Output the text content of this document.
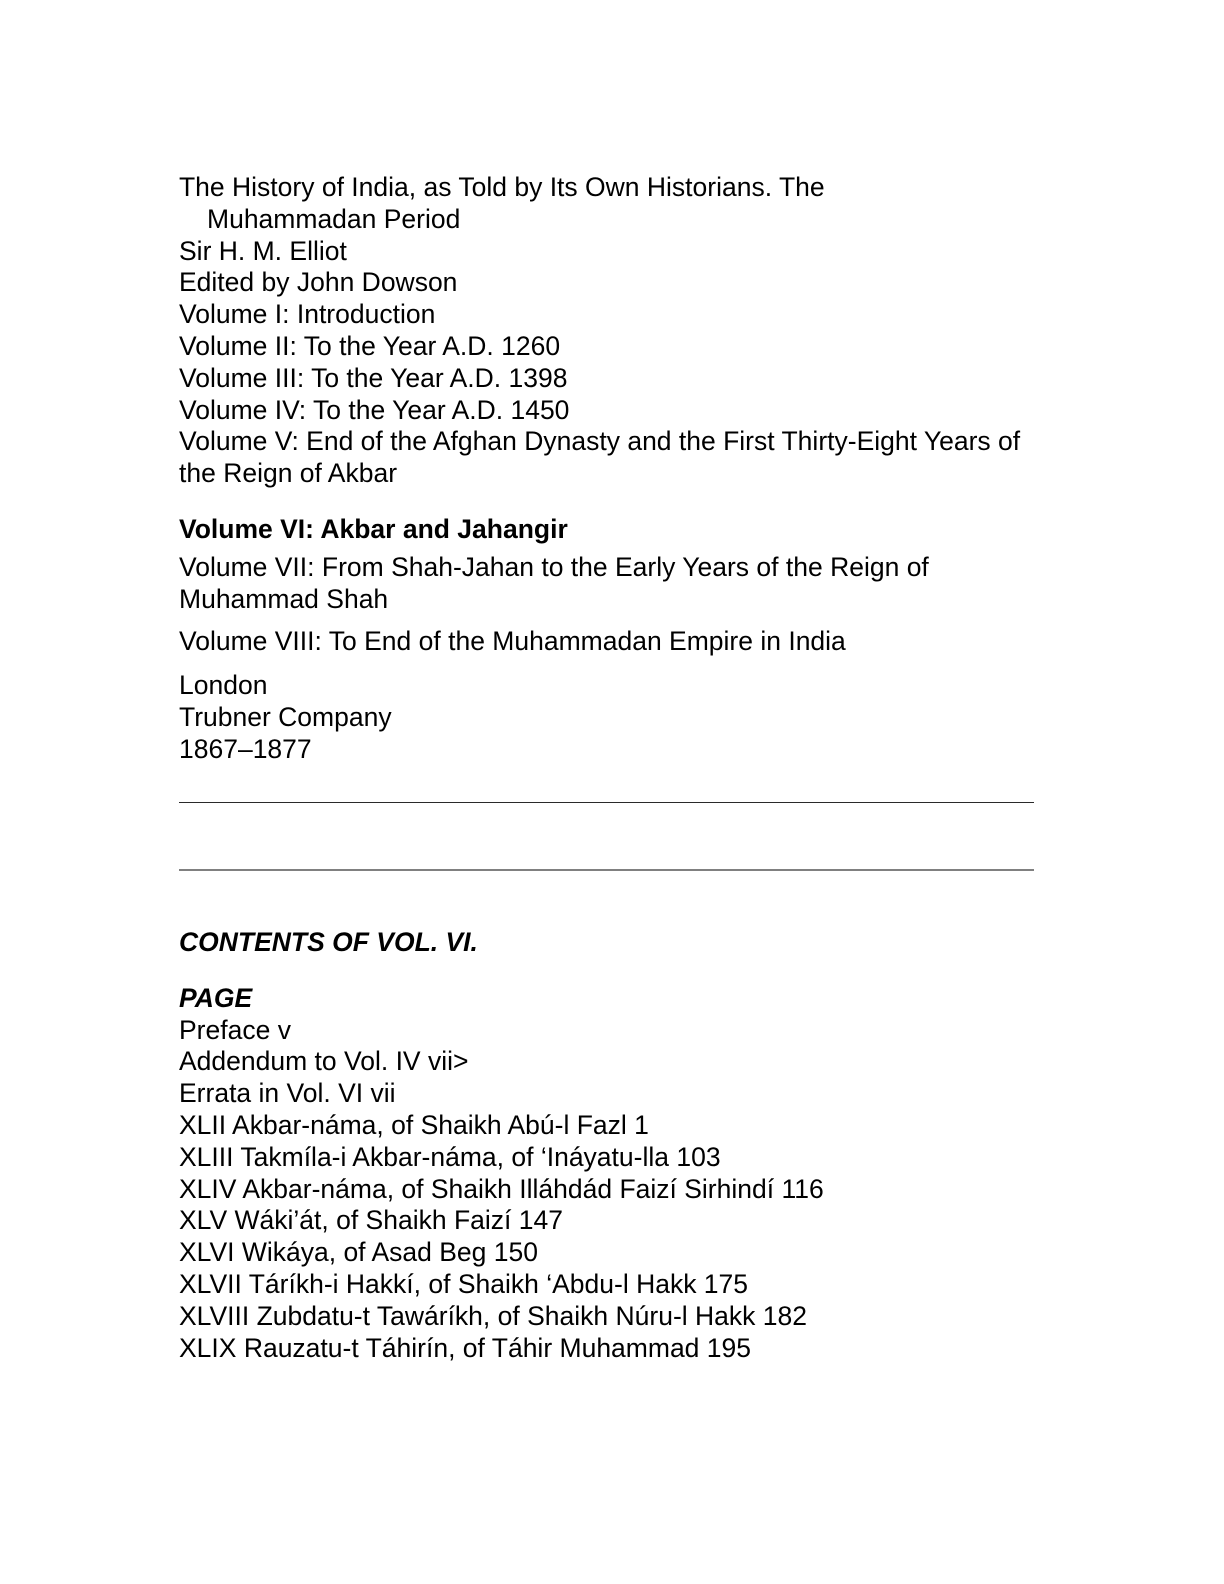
The History of India, as Told by Its Own Historians. The
Muhammadan Period
Sir H. M. Elliot
Edited by John Dowson
Volume I: Introduction
Volume II: To the Year A.D. 1260
Volume III: To the Year A.D. 1398
Volume IV: To the Year A.D. 1450
Volume V: End of the Afghan Dynasty and the First Thirty-Eight Years of the Reign of Akbar
Volume VI: Akbar and Jahangir
Volume VII: From Shah-Jahan to the Early Years of the Reign of Muhammad Shah
Volume VIII: To End of the Muhammadan Empire in India
London
Trubner Company
1867–1877
CONTENTS OF VOL. VI.
PAGE
Preface v
Addendum to Vol. IV vii>
Errata in Vol. VI vii
XLII Akbar-náma, of Shaikh Abú-l Fazl 1
XLIII Takmíla-i Akbar-náma, of ‘Ináyatu-lla 103
XLIV Akbar-náma, of Shaikh Illáhdád Faizí Sirhindí 116
XLV Wáki’át, of Shaikh Faizí 147
XLVI Wikáya, of Asad Beg 150
XLVII Táríkh-i Hakkí, of Shaikh ‘Abdu-l Hakk 175
XLVIII Zubdatu-t Tawáríkh, of Shaikh Núru-l Hakk 182
XLIX Rauzatu-t Táhirín, of Táhir Muhammad 195
